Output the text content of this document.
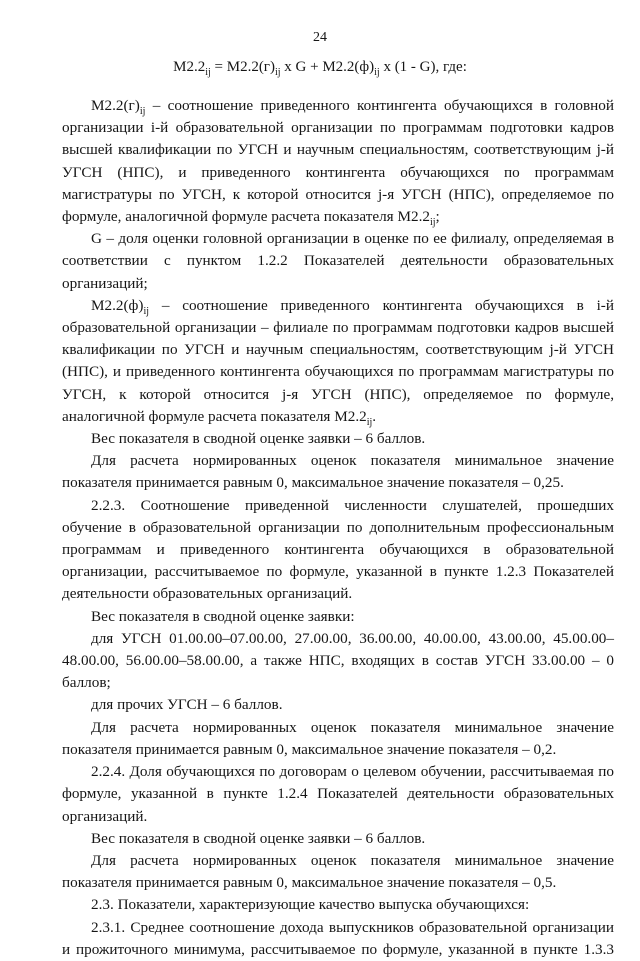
24
$M2.2_{ij} = M2.2(г)_{ij}$ x $G + M2.2(ф)_{ij}$ x (1 - G), где:

$M2.2(г)_{ij}$ – соотношение приведенного контингента обучающихся в головной организации i-й образовательной организации по программам подготовки кадров высшей квалификации по УГСН и научным специальностям, соответствующим j-й УГСН (НПС), и приведенного контингента обучающихся по программам магистратуры по УГСН, к которой относится j-я УГСН (НПС), определяемое по формуле, аналогичной формуле расчета показателя $M2.2_{ij}$;

G – доля оценки головной организации в оценке по ее филиалу, определяемая в соответствии с пунктом 1.2.2 Показателей деятельности образовательных организаций;

$M2.2(ф)_{ij}$ – соотношение приведенного контингента обучающихся в i-й образовательной организации – филиале по программам подготовки кадров высшей квалификации по УГСН и научным специальностям, соответствующим j-й УГСН (НПС), и приведенного контингента обучающихся по программам магистратуры по УГСН, к которой относится j-я УГСН (НПС), определяемое по формуле, аналогичной формуле расчета показателя $M2.2_{ij}$.

Вес показателя в сводной оценке заявки – 6 баллов.

Для расчета нормированных оценок показателя минимальное значение показателя принимается равным 0, максимальное значение показателя – 0,25.

2.2.3. Соотношение приведенной численности слушателей, прошедших обучение в образовательной организации по дополнительным профессиональным программам и приведенного контингента обучающихся в образовательной организации, рассчитываемое по формуле, указанной в пункте 1.2.3 Показателей деятельности образовательных организаций.

Вес показателя в сводной оценке заявки:

для УГСН 01.00.00–07.00.00, 27.00.00, 36.00.00, 40.00.00, 43.00.00, 45.00.00–48.00.00, 56.00.00–58.00.00, а также НПС, входящих в состав УГСН 33.00.00 – 0 баллов;

для прочих УГСН – 6 баллов.

Для расчета нормированных оценок показателя минимальное значение показателя принимается равным 0, максимальное значение показателя – 0,2.

2.2.4. Доля обучающихся по договорам о целевом обучении, рассчитываемая по формуле, указанной в пункте 1.2.4 Показателей деятельности образовательных организаций.

Вес показателя в сводной оценке заявки – 6 баллов.

Для расчета нормированных оценок показателя минимальное значение показателя принимается равным 0, максимальное значение показателя – 0,5.

2.3. Показатели, характеризующие качество выпуска обучающихся:

2.3.1. Среднее соотношение дохода выпускников образовательной организации и прожиточного минимума, рассчитываемое по формуле, указанной в пункте 1.3.3
